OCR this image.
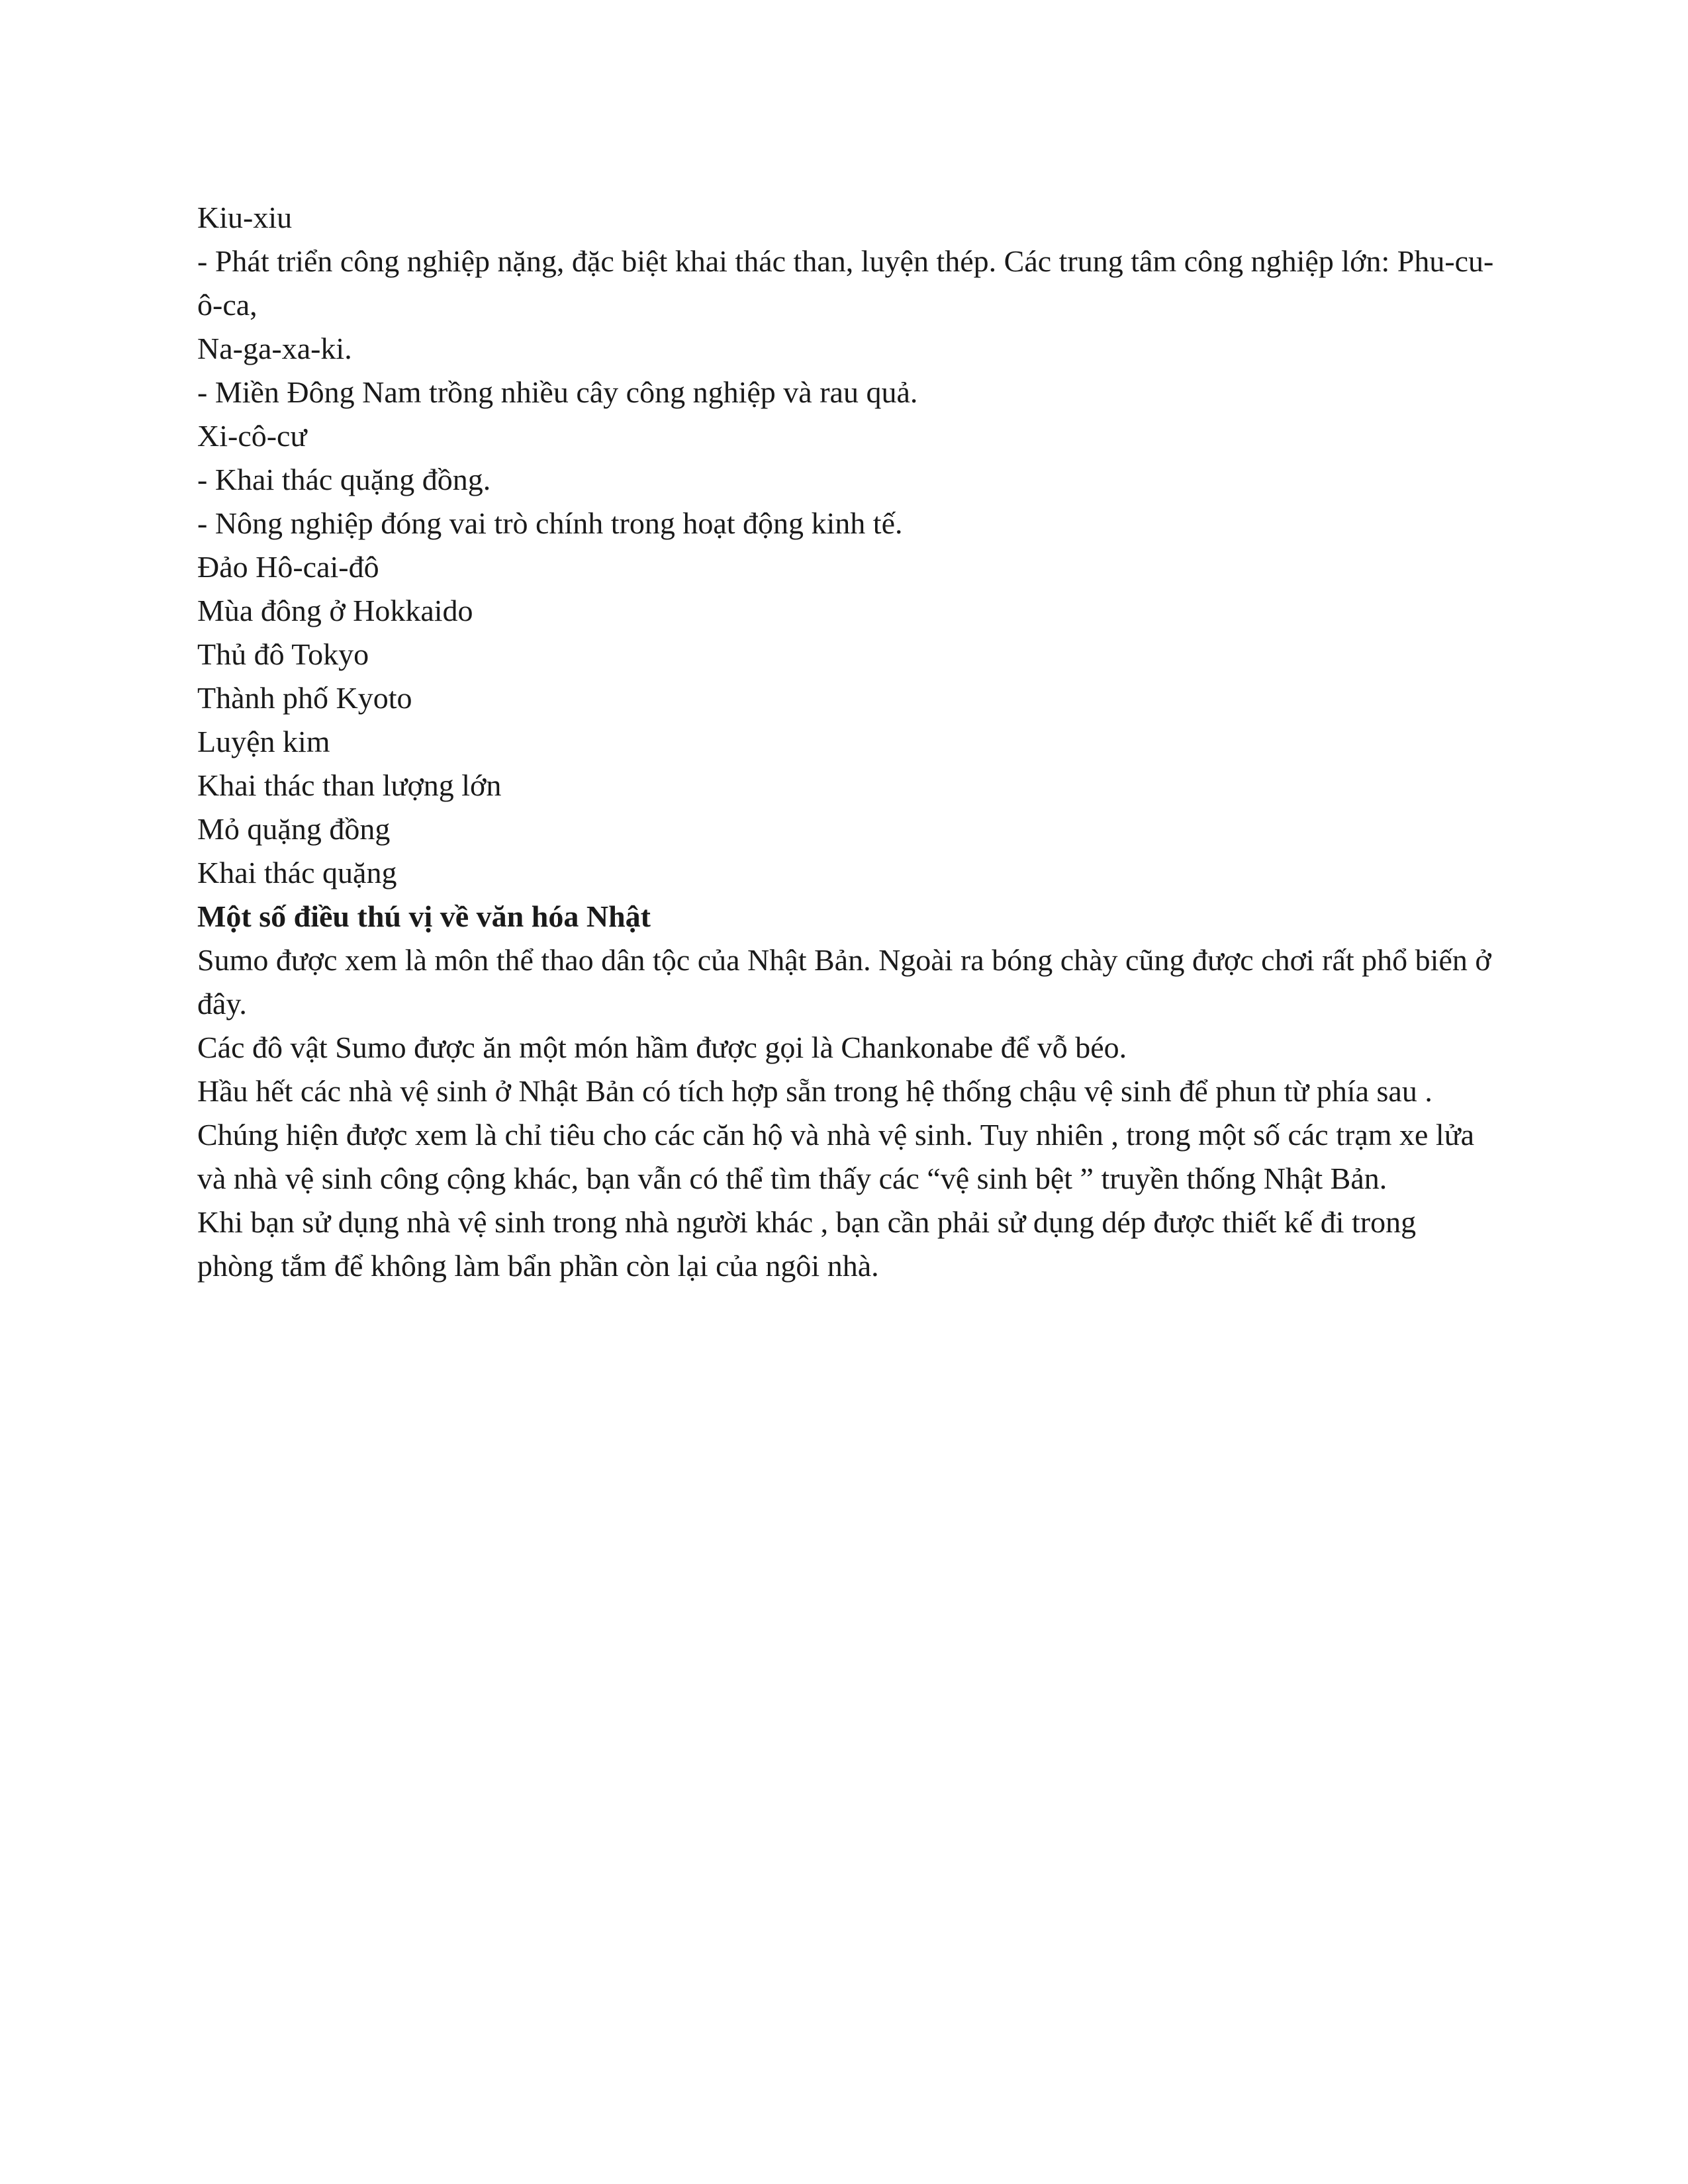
Kiu-xiu

- Phát triển công nghiệp nặng, đặc biệt khai thác than, luyện thép. Các trung tâm công nghiệp lớn: Phu-cu-ô-ca,

Na-ga-xa-ki.

- Miền Đông Nam trồng nhiều cây công nghiệp và rau quả.

Xi-cô-cư

- Khai thác quặng đồng.

- Nông nghiệp đóng vai trò chính trong hoạt động kinh tế.

Đảo Hô-cai-đô

Mùa đông ở Hokkaido

Thủ đô Tokyo

Thành phố Kyoto

Luyện kim

Khai thác than lượng lớn

Mỏ quặng đồng

Khai thác quặng

Một số điều thú vị về văn hóa Nhật

Sumo được xem là môn thể thao dân tộc của Nhật Bản. Ngoài ra bóng chày cũng được chơi rất phổ biến ở đây.

Các đô vật Sumo được ăn một món hầm được gọi là Chankonabe để vỗ béo.

Hầu hết các nhà vệ sinh ở Nhật Bản có tích hợp sẵn trong hệ thống chậu vệ sinh để phun từ phía sau . Chúng hiện được xem là chỉ tiêu cho các căn hộ và nhà vệ sinh. Tuy nhiên , trong một số các trạm xe lửa và nhà vệ sinh công cộng khác, bạn vẫn có thể tìm thấy các “vệ sinh bệt ” truyền thống Nhật Bản.

Khi bạn sử dụng nhà vệ sinh trong nhà người khác , bạn cần phải sử dụng dép được thiết kế đi trong phòng tắm để không làm bẩn phần còn lại của ngôi nhà.
